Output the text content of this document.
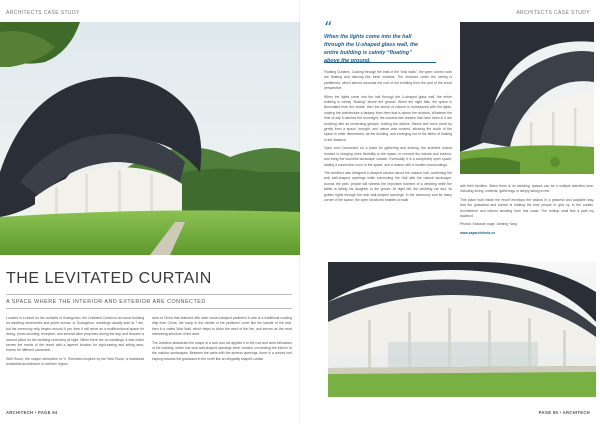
ARCHITECTS CASE STUDY
THE LEVITATED CURTAIN
A SPACE WHERE THE INTERIOR AND EXTERIOR ARE CONNECTED

Located in a resort on the outskirts of Guangzhou, the Levitated Curtain is an iconic building for wedding ceremonies and public events. In Guangzhou, weddings usually start at 7 am, but the ceremony only begins around 6 pm, then it will serve as a multifunctional space for dining, photo shooting, reception, and several other purposes during the day, and become a second place for the wedding ceremony at night. When there are no weddings, it was which serves the needs of the resort with a layered location for sight-seeing and sitting area, events for different occasions.

With Room, the unique streamline of Yi, Reisheed inspired by the Wok Room, a traditional residential architecture in northern region

area of China that featured with wide curved-shaped pedimen! A wok is a traditional cooking ship from China, the hump in the middle of the pedimen! cover like the handle of the wok, then it is called Wok Wall, which helps to block the wind of the fire, and serves as the most interesting structure of the area.

The architect abstracted the shape of a wok and not applied it to the roof and west elevations of the building, which has wok wall-shaped openings were created, connecting the interior to the outdoor landscapes. Between the walls with the several openings, there is a curved roof sloping towards the grassland in the north like an elegantly shaped curtain.

ARCHITECH • PAGE 94
ARCHITECTS CASE STUDY
“
When the lights come into the hall through the U-shaped glass wall, the entire building is calmly “floating” above the ground.

Floating Curtains. Looking through the east of the “wok walls”, the open curved roofs are floating and dancing like three curtains. The structure under the ceiling is partitioned, which almost conceals the roof of the building from the part of the wood perspective.

When the lights come into the hall through the U-shaped glass wall, the entire building is calmly “floating” above the ground. When the night falls, the space is illuminated from the shade, then the sense of volume is harmonized with the lights, making the architecture a fantasy from here that is above the rainbow. Whatever the time of day it catches the moonlight, the curtains like dreams that have been in it are touching with an immersing gesture, holding the visitors. Steam and voice come by gently from a space, brought, and nature was created, allowing the touch of the space in other dimensions; as the building, and emerging out of the fabric of floating in the distance.

Open and Connected. As a place for gathering and sharing, the architect looked forward to bringing more flexibility to the space, to connect the interior and exterior, and bring the bountiful landscape outside. Eventually it is a completely open space, adding a connection room to the space, and a reason with a modern surroundings.

The architect also designed U-shaped corridor about the outdoor hall, combining the wok wall-shaped openings while connecting the Hall with the natural landscape. Across the path, people will witness the important moment of a wedding while the father is taking his daughter to the groom. At night fall, the wedding car and, its golden lights through the wok wall-shaped openings. In the ceremony and be many corner of the space; the open structures enables to walk

with their families. When there is no wedding, spaces can be a multiple activities here, including dining, hotbeds, gatherings or simply taking a rest.

This place built inside the resort envelops the visitors in a peaceful and palpable way, that the grassland and sunset is making the time people to give up to the curtain. Architecture and interior wedding here has coast. The rooftop shall find a path my backfoot.

Photos: Shaonan nage, Jiaming Yang

www.sayarchitects.cn

PAGE 95 • ARCHITECH
